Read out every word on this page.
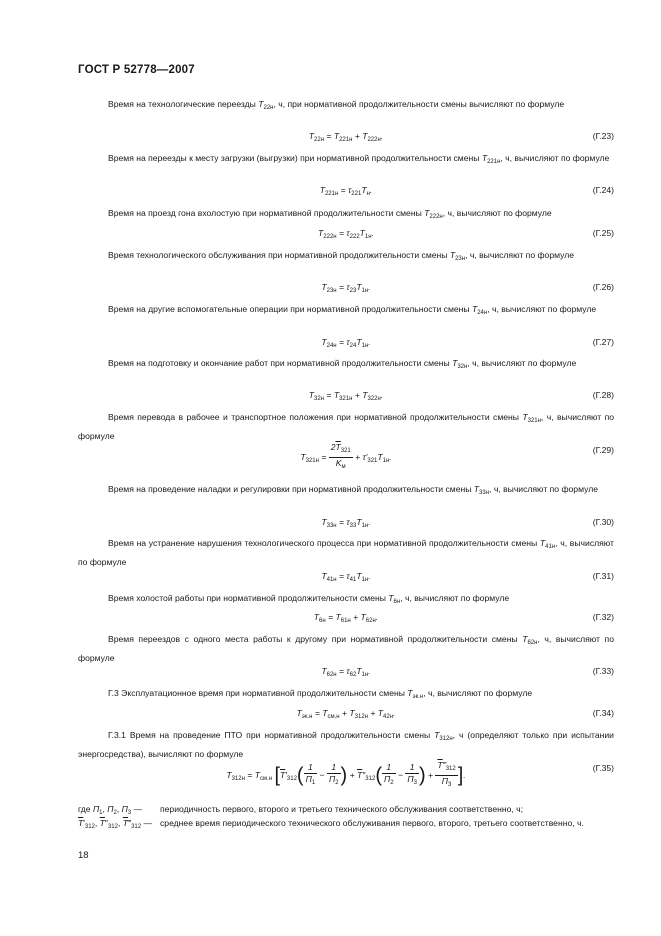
ГОСТ Р 52778—2007
Время на технологические переезды $T_{22н}$, ч, при нормативной продолжительности смены вычисляют по формуле
$T_{22н} = T_{221н} + T_{222н}$.	(Г.23)
Время на переезды к месту загрузки (выгрузки) при нормативной продолжительности смены $T_{221н}$, ч, вычисляют по формуле
$T_{221н} = \tau_{221}T_н$.	(Г.24)
Время на проезд гона вхолостую при нормативной продолжительности смены $T_{222н}$, ч, вычисляют по формуле
$T_{222н} = \tau_{222}T_{1н}$.	(Г.25)
Время технологического обслуживания при нормативной продолжительности смены $T_{23н}$, ч, вычисляют по формуле
$T_{23н} = \tau_{23}T_{1н}$.	(Г.26)
Время на другие вспомогательные операции при нормативной продолжительности смены $T_{24н}$, ч, вычисляют по формуле
$T_{24н} = \tau_{24}T_{1н}$.	(Г.27)
Время на подготовку и окончание работ при нормативной продолжительности смены $T_{32н}$, ч, вычисляют по формуле
$T_{32н} = T_{321н} + T_{322н}$.	(Г.28)
Время перевода в рабочее и транспортное положения при нормативной продолжительности смены $T_{321н}$, ч, вычисляют по формуле
$T_{321н} = \frac{2\overline{T}_{321}}{K_м} + \tau'_{321}T_{1н}$.
(Г.29)
Время на проведение наладки и регулировки при нормативной продолжительности смены $T_{33н}$, ч, вычисляют по формуле
$T_{33н} = \tau_{33}T_{1н}$.	(Г.30)
Время на устранение нарушения технологического процесса при нормативной продолжительности смены $T_{41н}$, ч, вычисляют по формуле
$T_{41н} = \tau_{41}T_{1н}$.	(Г.31)
Время холостой работы при нормативной продолжительности смены $T_{6н}$, ч, вычисляют по формуле
$T_{6н} = T_{61н} + T_{62н}$.	(Г.32)
Время переездов с одного места работы к другому при нормативной продолжительности смены $T_{62н}$, ч, вычисляют по формуле
$T_{62н} = \tau_{62}T_{1н}$.	(Г.33)
Г.3 Эксплуатационное время при нормативной продолжительности смены $T_{эк.н}$, ч, вычисляют по формуле
$T_{эк.н} = T_{см.н} + T_{312н} + T_{42н}$.	(Г.34)
Г.3.1 Время на проведение ПТО при нормативной продолжительности смены $T_{312н}$, ч (определяют только при испытании энергосредства), вычисляют по формуле
$T_{312н} = T_{см.н}$ [$\overline{T}'_{312}( \frac{1}{П_1} - \frac{1}{П_2}$ ) + $\overline{T}''_{312}( \frac{1}{П_2} - \frac{1}{П_3}$ ) + $\frac{\overline{T}‴_{312}}{П_3}$ ].
(Г.35)
где $П_1$, $П_2$, $П_3$ — периодичность первого, второго и третьего технического обслуживания соответственно, ч;
$\overline{T}'_{312}$, $\overline{T}''_{312}$, $\overline{T}‴_{312}$ — среднее время периодического технического обслуживания первого, второго, третьего соответственно, ч.
18
